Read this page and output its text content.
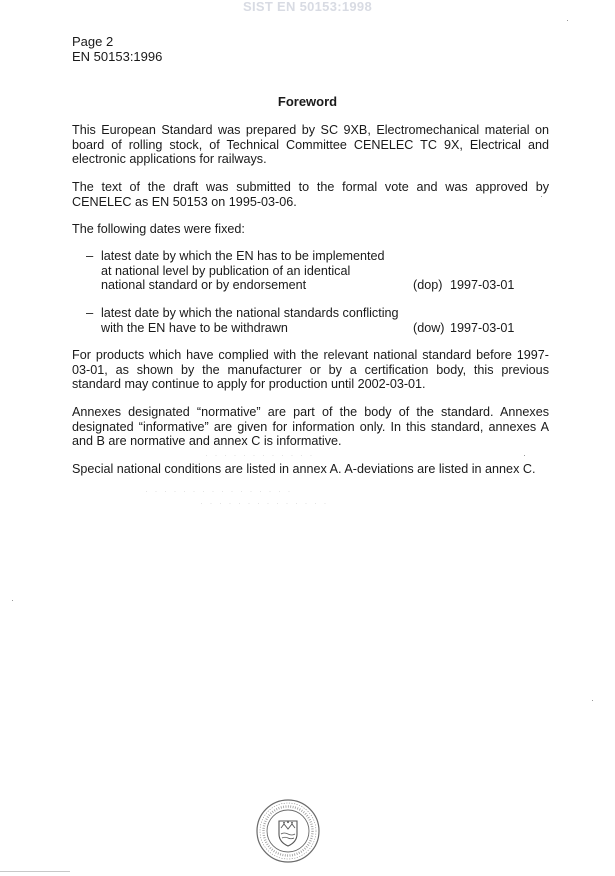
SIST EN 50153:1998
Page 2
EN 50153:1996
Foreword
This European Standard was prepared by SC 9XB, Electromechanical material on board of rolling stock, of Technical Committee CENELEC TC 9X, Electrical and electronic applications for railways.
The text of the draft was submitted to the formal vote and was approved by CENELEC as EN 50153 on 1995-03-06.
The following dates were fixed:
– latest date by which the EN has to be implemented
at national level by publication of an identical
national standard or by endorsement	(dop) 1997-03-01
– latest date by which the national standards conflicting
with the EN have to be withdrawn	(dow) 1997-03-01
For products which have complied with the relevant national standard before 1997-03-01, as shown by the manufacturer or by a certification body, this previous standard may continue to apply for production until 2002-03-01.
Annexes designated “normative” are part of the body of the standard. Annexes designated “informative” are given for information only. In this standard, annexes A and B are normative and annex C is informative.
Special national conditions are listed in annex A. A-deviations are listed in annex C.
· · · · · · · · · · · ·
· · · · · · · · · · · · · · · ·
· · · · · · · · · · · · · ·
